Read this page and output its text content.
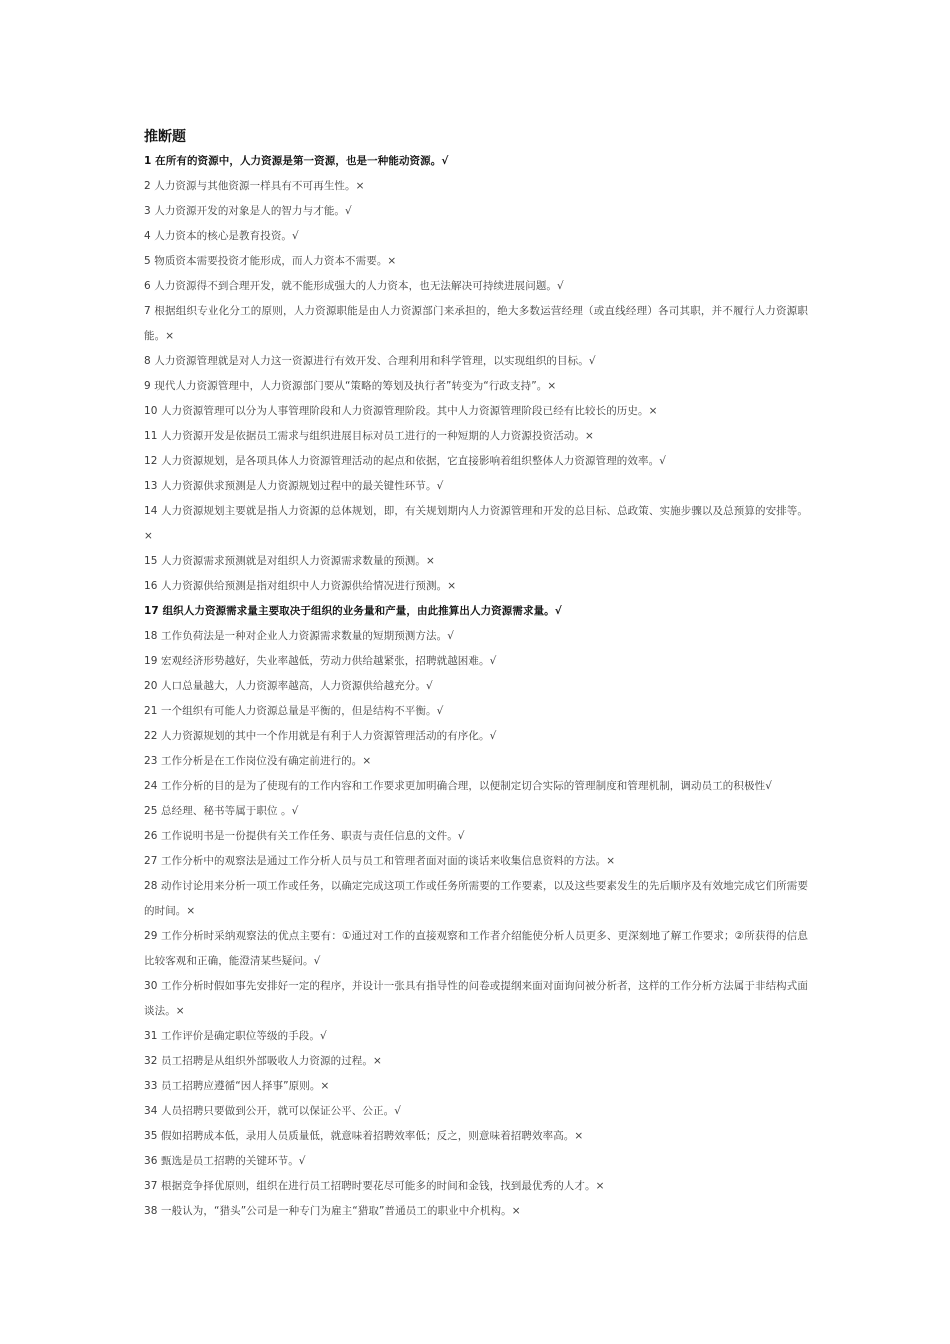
推断题
1 在所有的资源中，人力资源是第一资源，也是一种能动资源。√
2 人力资源与其他资源一样具有不可再生性。×
3 人力资源开发的对象是人的智力与才能。√
4 人力资本的核心是教育投资。√
5 物质资本需要投资才能形成，而人力资本不需要。×
6 人力资源得不到合理开发，就不能形成强大的人力资本，也无法解决可持续进展问题。√
7 根据组织专业化分工的原则，人力资源职能是由人力资源部门来承担的，绝大多数运营经理（或直线经理）各司其职，并不履行人力资源职能。×
8 人力资源管理就是对人力这一资源进行有效开发、合理利用和科学管理，以实现组织的目标。√
9 现代人力资源管理中，人力资源部门要从“策略的筹划及执行者”转变为“行政支持”。×
10 人力资源管理可以分为人事管理阶段和人力资源管理阶段。其中人力资源管理阶段已经有比较长的历史。×
11 人力资源开发是依据员工需求与组织进展目标对员工进行的一种短期的人力资源投资活动。×
12 人力资源规划，是各项具体人力资源管理活动的起点和依据，它直接影响着组织整体人力资源管理的效率。√
13 人力资源供求预测是人力资源规划过程中的最关键性环节。√
14 人力资源规划主要就是指人力资源的总体规划，即，有关规划期内人力资源管理和开发的总目标、总政策、实施步骤以及总预算的安排等。×
15 人力资源需求预测就是对组织人力资源需求数量的预测。×
16 人力资源供给预测是指对组织中人力资源供给情况进行预测。×
17 组织人力资源需求量主要取决于组织的业务量和产量，由此推算出人力资源需求量。√
18 工作负荷法是一种对企业人力资源需求数量的短期预测方法。√
19 宏观经济形势越好，失业率越低，劳动力供给越紧张，招聘就越困难。√
20 人口总量越大，人力资源率越高，人力资源供给越充分。√
21 一个组织有可能人力资源总量是平衡的，但是结构不平衡。√
22 人力资源规划的其中一个作用就是有利于人力资源管理活动的有序化。√
23 工作分析是在工作岗位没有确定前进行的。×
24 工作分析的目的是为了使现有的工作内容和工作要求更加明确合理，以便制定切合实际的管理制度和管理机制，调动员工的积极性√
25 总经理、秘书等属于职位 。√
26 工作说明书是一份提供有关工作任务、职责与责任信息的文件。√
27 工作分析中的观察法是通过工作分析人员与员工和管理者面对面的谈话来收集信息资料的方法。×
28 动作讨论用来分析一项工作或任务，以确定完成这项工作或任务所需要的工作要素，以及这些要素发生的先后顺序及有效地完成它们所需要的时间。×
29 工作分析时采纳观察法的优点主要有：①通过对工作的直接观察和工作者介绍能使分析人员更多、更深刻地了解工作要求；②所获得的信息比较客观和正确，能澄清某些疑问。√
30 工作分析时假如事先安排好一定的程序，并设计一张具有指导性的问卷或提纲来面对面询问被分析者，这样的工作分析方法属于非结构式面谈法。×
31 工作评价是确定职位等级的手段。√
32 员工招聘是从组织外部吸收人力资源的过程。×
33 员工招聘应遵循“因人择事”原则。×
34 人员招聘只要做到公开，就可以保证公平、公正。√
35 假如招聘成本低，录用人员质量低，就意味着招聘效率低；反之，则意味着招聘效率高。×
36 甄选是员工招聘的关键环节。√
37 根据竞争择优原则，组织在进行员工招聘时要花尽可能多的时间和金钱，找到最优秀的人才。×
38 一般认为，“猎头”公司是一种专门为雇主“猎取”普通员工的职业中介机构。×
